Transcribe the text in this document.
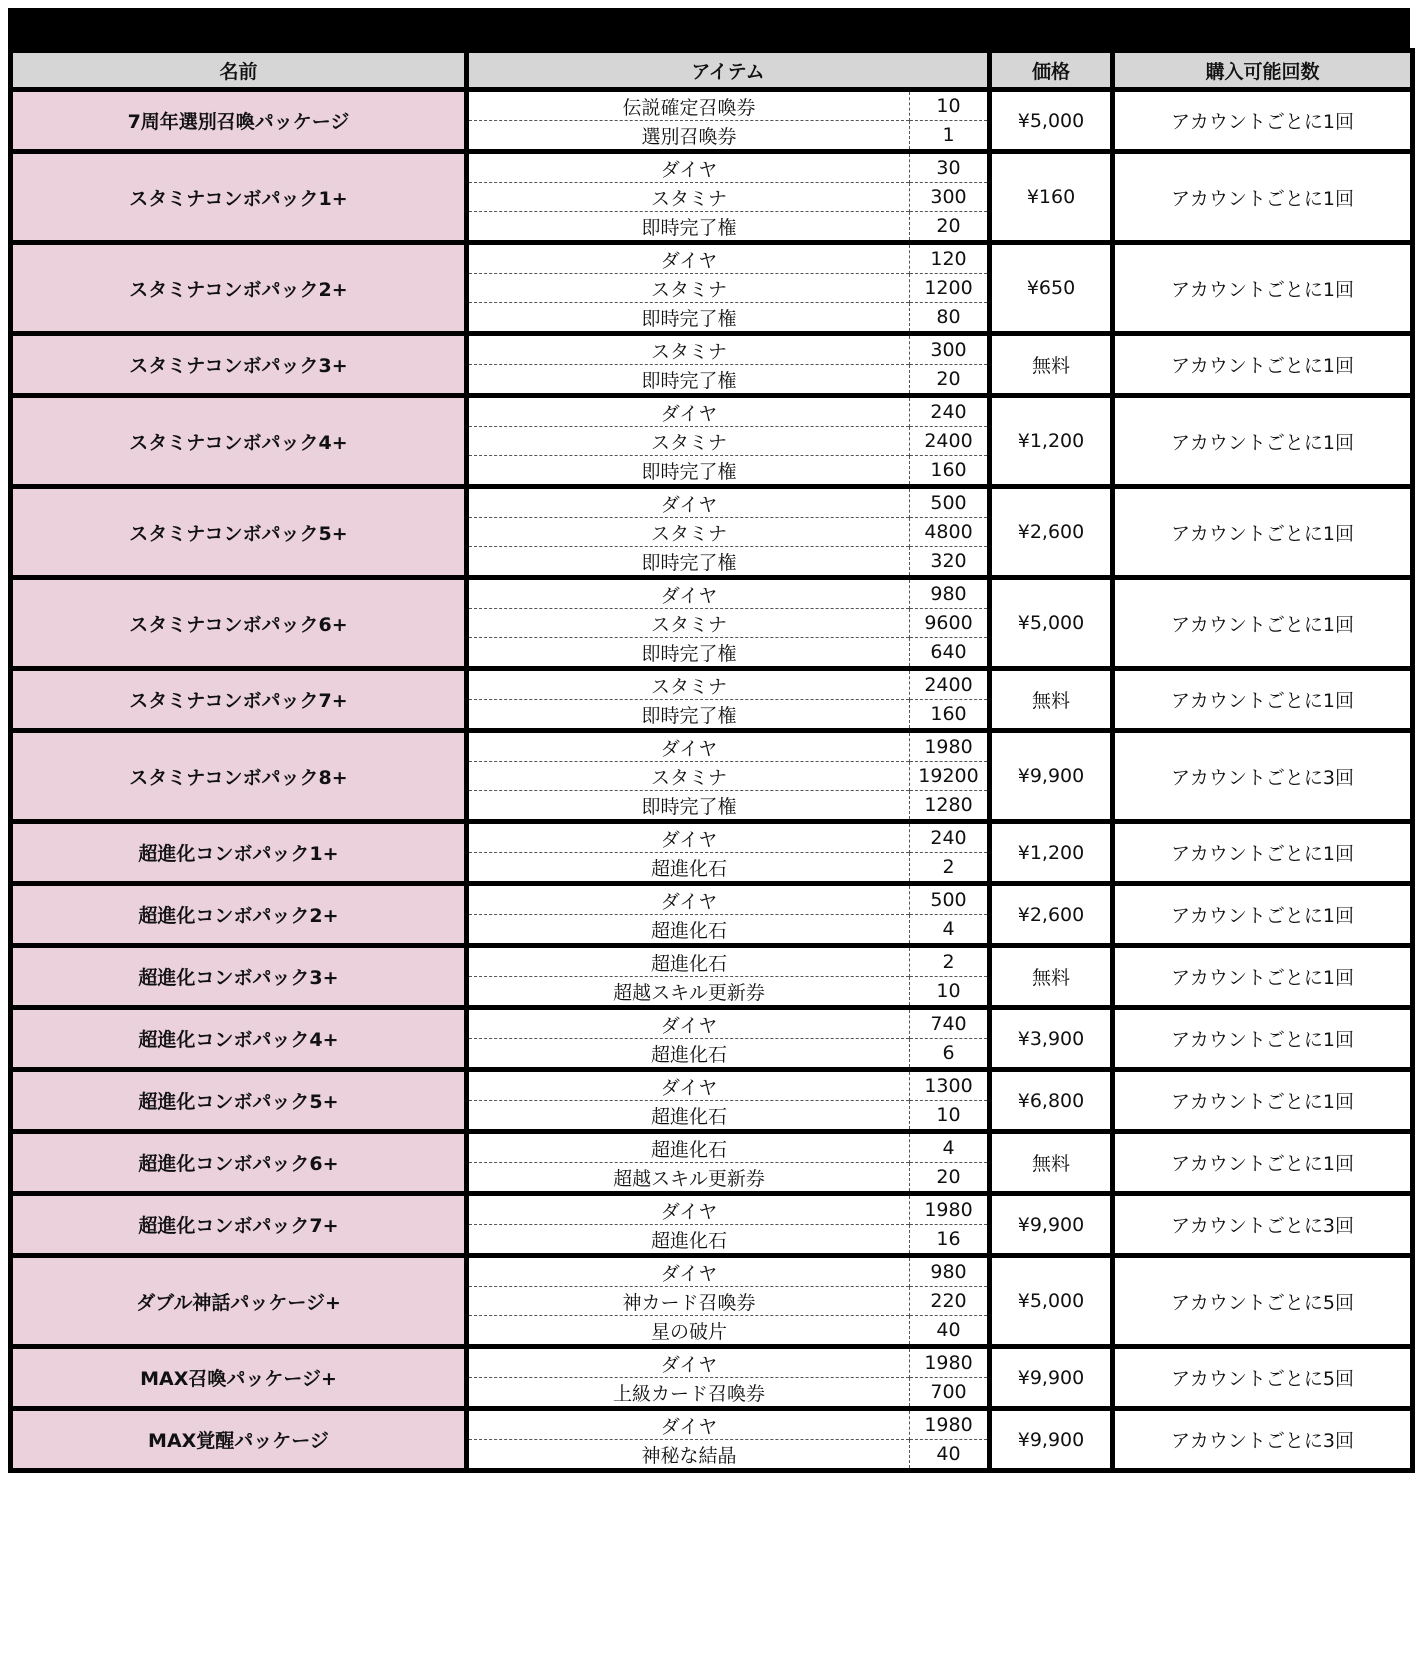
名前	アイテム		価格	購入可能回数
7周年選別召喚パッケージ	伝説確定召喚券	10	¥5,000	アカウントごとに1回
	選別召喚券	1		
スタミナコンボパック1+	ダイヤ	30	¥160	アカウントごとに1回
	スタミナ	300		
	即時完了権	20		
スタミナコンボパック2+	ダイヤ	120	¥650	アカウントごとに1回
	スタミナ	1200		
	即時完了権	80		
スタミナコンボパック3+	スタミナ	300	無料	アカウントごとに1回
	即時完了権	20		
スタミナコンボパック4+	ダイヤ	240	¥1,200	アカウントごとに1回
	スタミナ	2400		
	即時完了権	160		
スタミナコンボパック5+	ダイヤ	500	¥2,600	アカウントごとに1回
	スタミナ	4800		
	即時完了権	320		
スタミナコンボパック6+	ダイヤ	980	¥5,000	アカウントごとに1回
	スタミナ	9600		
	即時完了権	640		
スタミナコンボパック7+	スタミナ	2400	無料	アカウントごとに1回
	即時完了権	160		
スタミナコンボパック8+	ダイヤ	1980	¥9,900	アカウントごとに3回
	スタミナ	19200		
	即時完了権	1280		
超進化コンボパック1+	ダイヤ	240	¥1,200	アカウントごとに1回
	超進化石	2		
超進化コンボパック2+	ダイヤ	500	¥2,600	アカウントごとに1回
	超進化石	4		
超進化コンボパック3+	超進化石	2	無料	アカウントごとに1回
	超越スキル更新券	10		
超進化コンボパック4+	ダイヤ	740	¥3,900	アカウントごとに1回
	超進化石	6		
超進化コンボパック5+	ダイヤ	1300	¥6,800	アカウントごとに1回
	超進化石	10		
超進化コンボパック6+	超進化石	4	無料	アカウントごとに1回
	超越スキル更新券	20		
超進化コンボパック7+	ダイヤ	1980	¥9,900	アカウントごとに3回
	超進化石	16		
ダブル神話パッケージ+	ダイヤ	980	¥5,000	アカウントごとに5回
	神カード召喚券	220		
	星の破片	40		
MAX召喚パッケージ+	ダイヤ	1980	¥9,900	アカウントごとに5回
	上級カード召喚券	700		
MAX覚醒パッケージ	ダイヤ	1980	¥9,900	アカウントごとに3回
	神秘な結晶	40		
